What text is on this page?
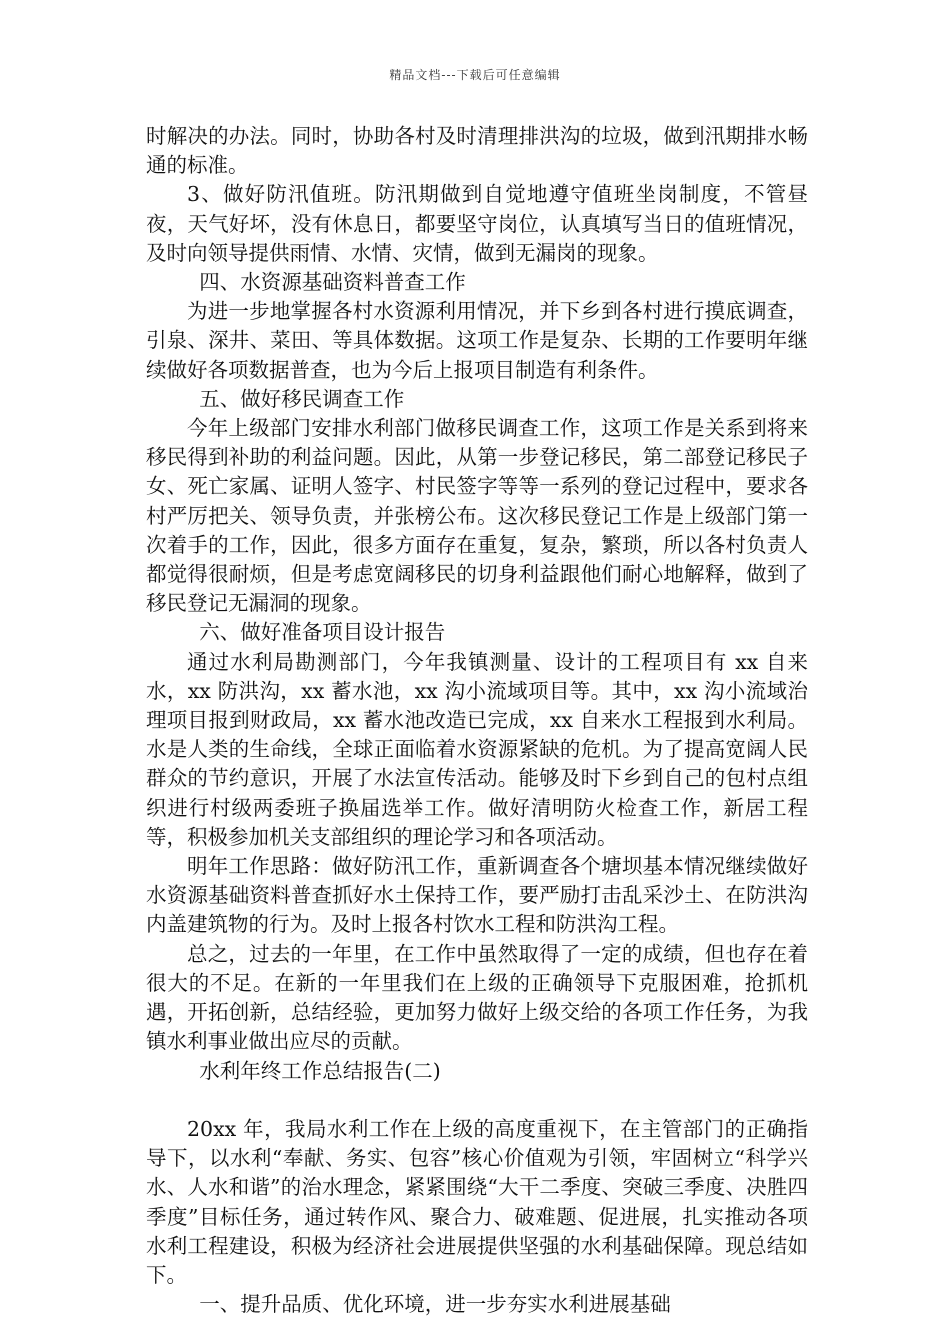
精品文档---下载后可任意编辑

时解决的办法。同时，协助各村及时清理排洪沟的垃圾，做到汛期排水畅通的标准。

3、做好防汛值班。防汛期做到自觉地遵守值班坐岗制度，不管昼夜，天气好坏，没有休息日，都要坚守岗位，认真填写当日的值班情况，及时向领导提供雨情、水情、灾情，做到无漏岗的现象。

四、水资源基础资料普查工作

为进一步地掌握各村水资源利用情况，并下乡到各村进行摸底调查，引泉、深井、菜田、等具体数据。这项工作是复杂、长期的工作要明年继续做好各项数据普查，也为今后上报项目制造有利条件。

五、做好移民调查工作

今年上级部门安排水利部门做移民调查工作，这项工作是关系到将来移民得到补助的利益问题。因此，从第一步登记移民，第二部登记移民子女、死亡家属、证明人签字、村民签字等等一系列的登记过程中，要求各村严厉把关、领导负责，并张榜公布。这次移民登记工作是上级部门第一次着手的工作，因此，很多方面存在重复，复杂，繁琐，所以各村负责人都觉得很耐烦，但是考虑宽阔移民的切身利益跟他们耐心地解释，做到了移民登记无漏洞的现象。

六、做好准备项目设计报告

通过水利局勘测部门，今年我镇测量、设计的工程项目有 xx 自来水，xx 防洪沟，xx 蓄水池，xx 沟小流域项目等。其中，xx 沟小流域治理项目报到财政局，xx 蓄水池改造已完成，xx 自来水工程报到水利局。水是人类的生命线，全球正面临着水资源紧缺的危机。为了提高宽阔人民群众的节约意识，开展了水法宣传活动。能够及时下乡到自己的包村点组织进行村级两委班子换届选举工作。做好清明防火检查工作，新居工程等，积极参加机关支部组织的理论学习和各项活动。

明年工作思路：做好防汛工作，重新调查各个塘坝基本情况继续做好水资源基础资料普查抓好水土保持工作，要严励打击乱采沙土、在防洪沟内盖建筑物的行为。及时上报各村饮水工程和防洪沟工程。

总之，过去的一年里，在工作中虽然取得了一定的成绩，但也存在着很大的不足。在新的一年里我们在上级的正确领导下克服困难，抢抓机遇，开拓创新，总结经验，更加努力做好上级交给的各项工作任务，为我镇水利事业做出应尽的贡献。

水利年终工作总结报告(二)

20xx 年，我局水利工作在上级的高度重视下，在主管部门的正确指导下，以水利“奉献、务实、包容”核心价值观为引领，牢固树立“科学兴水、人水和谐”的治水理念，紧紧围绕“大干二季度、突破三季度、决胜四季度”目标任务，通过转作风、聚合力、破难题、促进展，扎实推动各项水利工程建设，积极为经济社会进展提供坚强的水利基础保障。现总结如下。

一、提升品质、优化环境，进一步夯实水利进展基础
